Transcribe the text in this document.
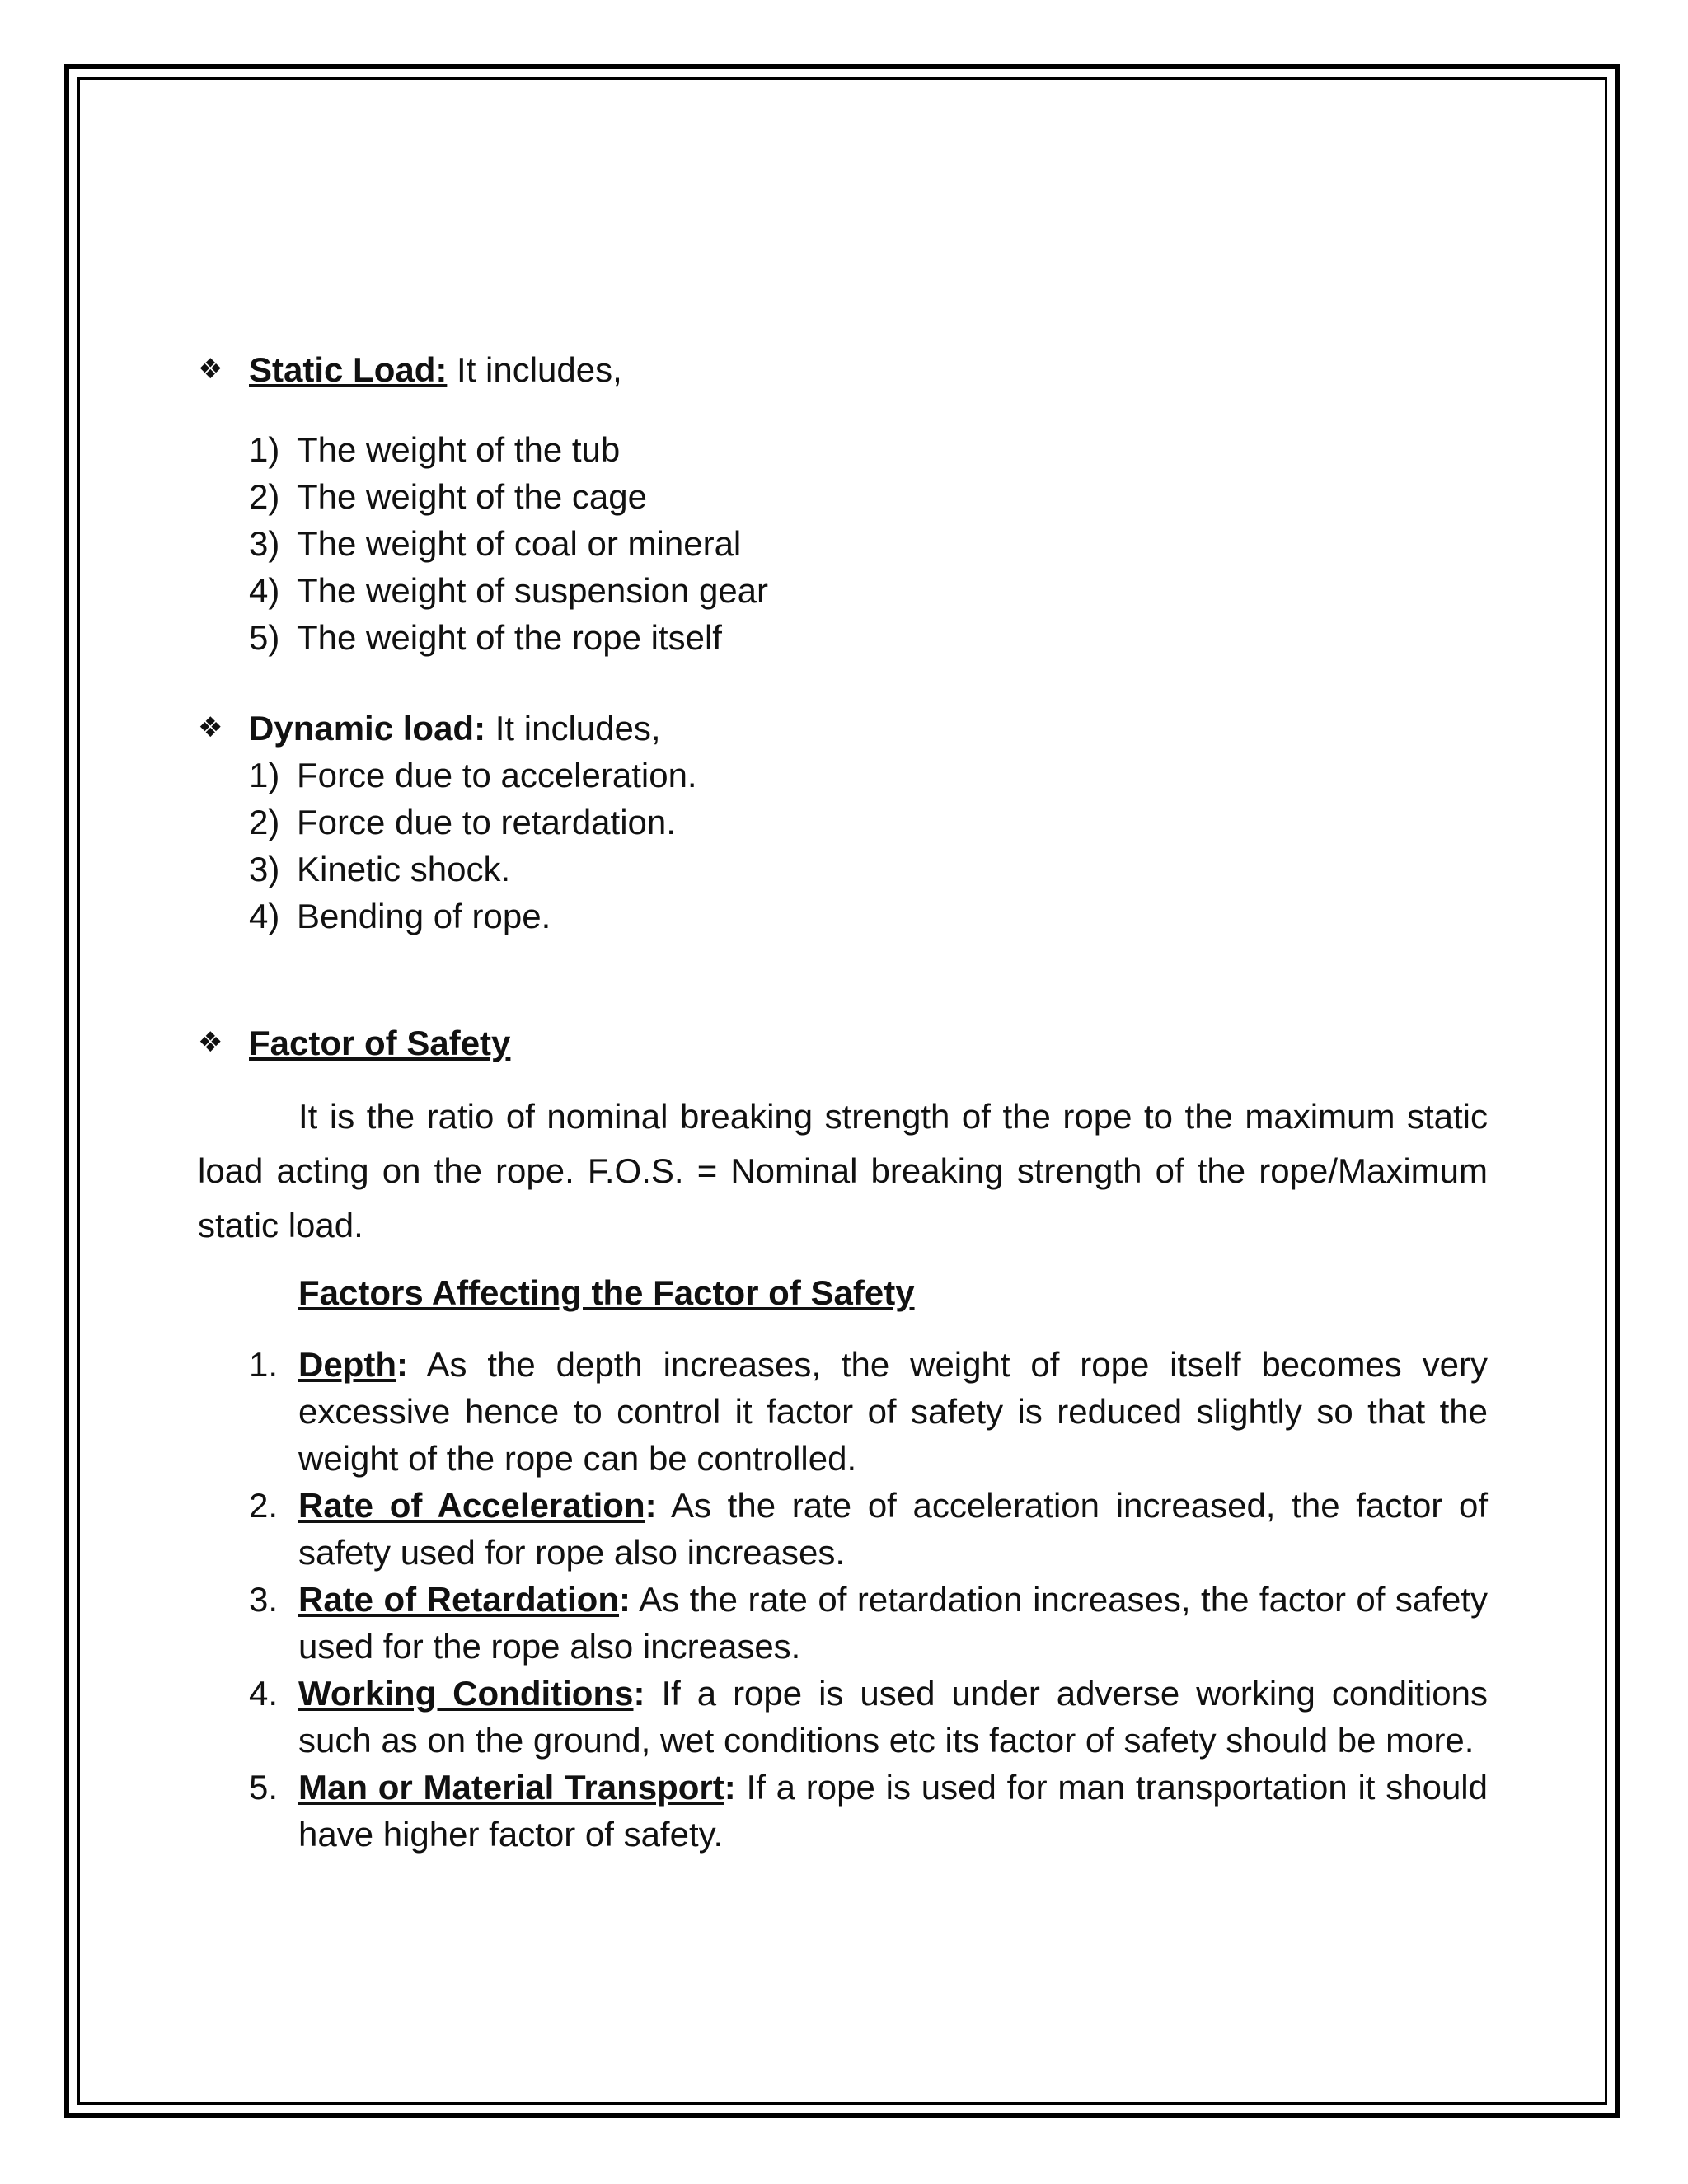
❖ Static Load: It includes,

1) The weight of the tub
2) The weight of the cage
3) The weight of coal or mineral
4) The weight of suspension gear
5) The weight of the rope itself

❖ Dynamic load: It includes,

1) Force due to acceleration.
2) Force due to retardation.
3) Kinetic shock.
4) Bending of rope.

❖ Factor of Safety

It is the ratio of nominal breaking strength of the rope to the maximum static load acting on the rope. F.O.S. = Nominal breaking strength of the rope/Maximum static load.

Factors Affecting the Factor of Safety

1. Depth: As the depth increases, the weight of rope itself becomes very excessive hence to control it factor of safety is reduced slightly so that the weight of the rope can be controlled.
2. Rate of Acceleration: As the rate of acceleration increased, the factor of safety used for rope also increases.
3. Rate of Retardation: As the rate of retardation increases, the factor of safety used for the rope also increases.
4. Working Conditions: If a rope is used under adverse working conditions such as on the ground, wet conditions etc its factor of safety should be more.
5. Man or Material Transport: If a rope is used for man transportation it should have higher factor of safety.
